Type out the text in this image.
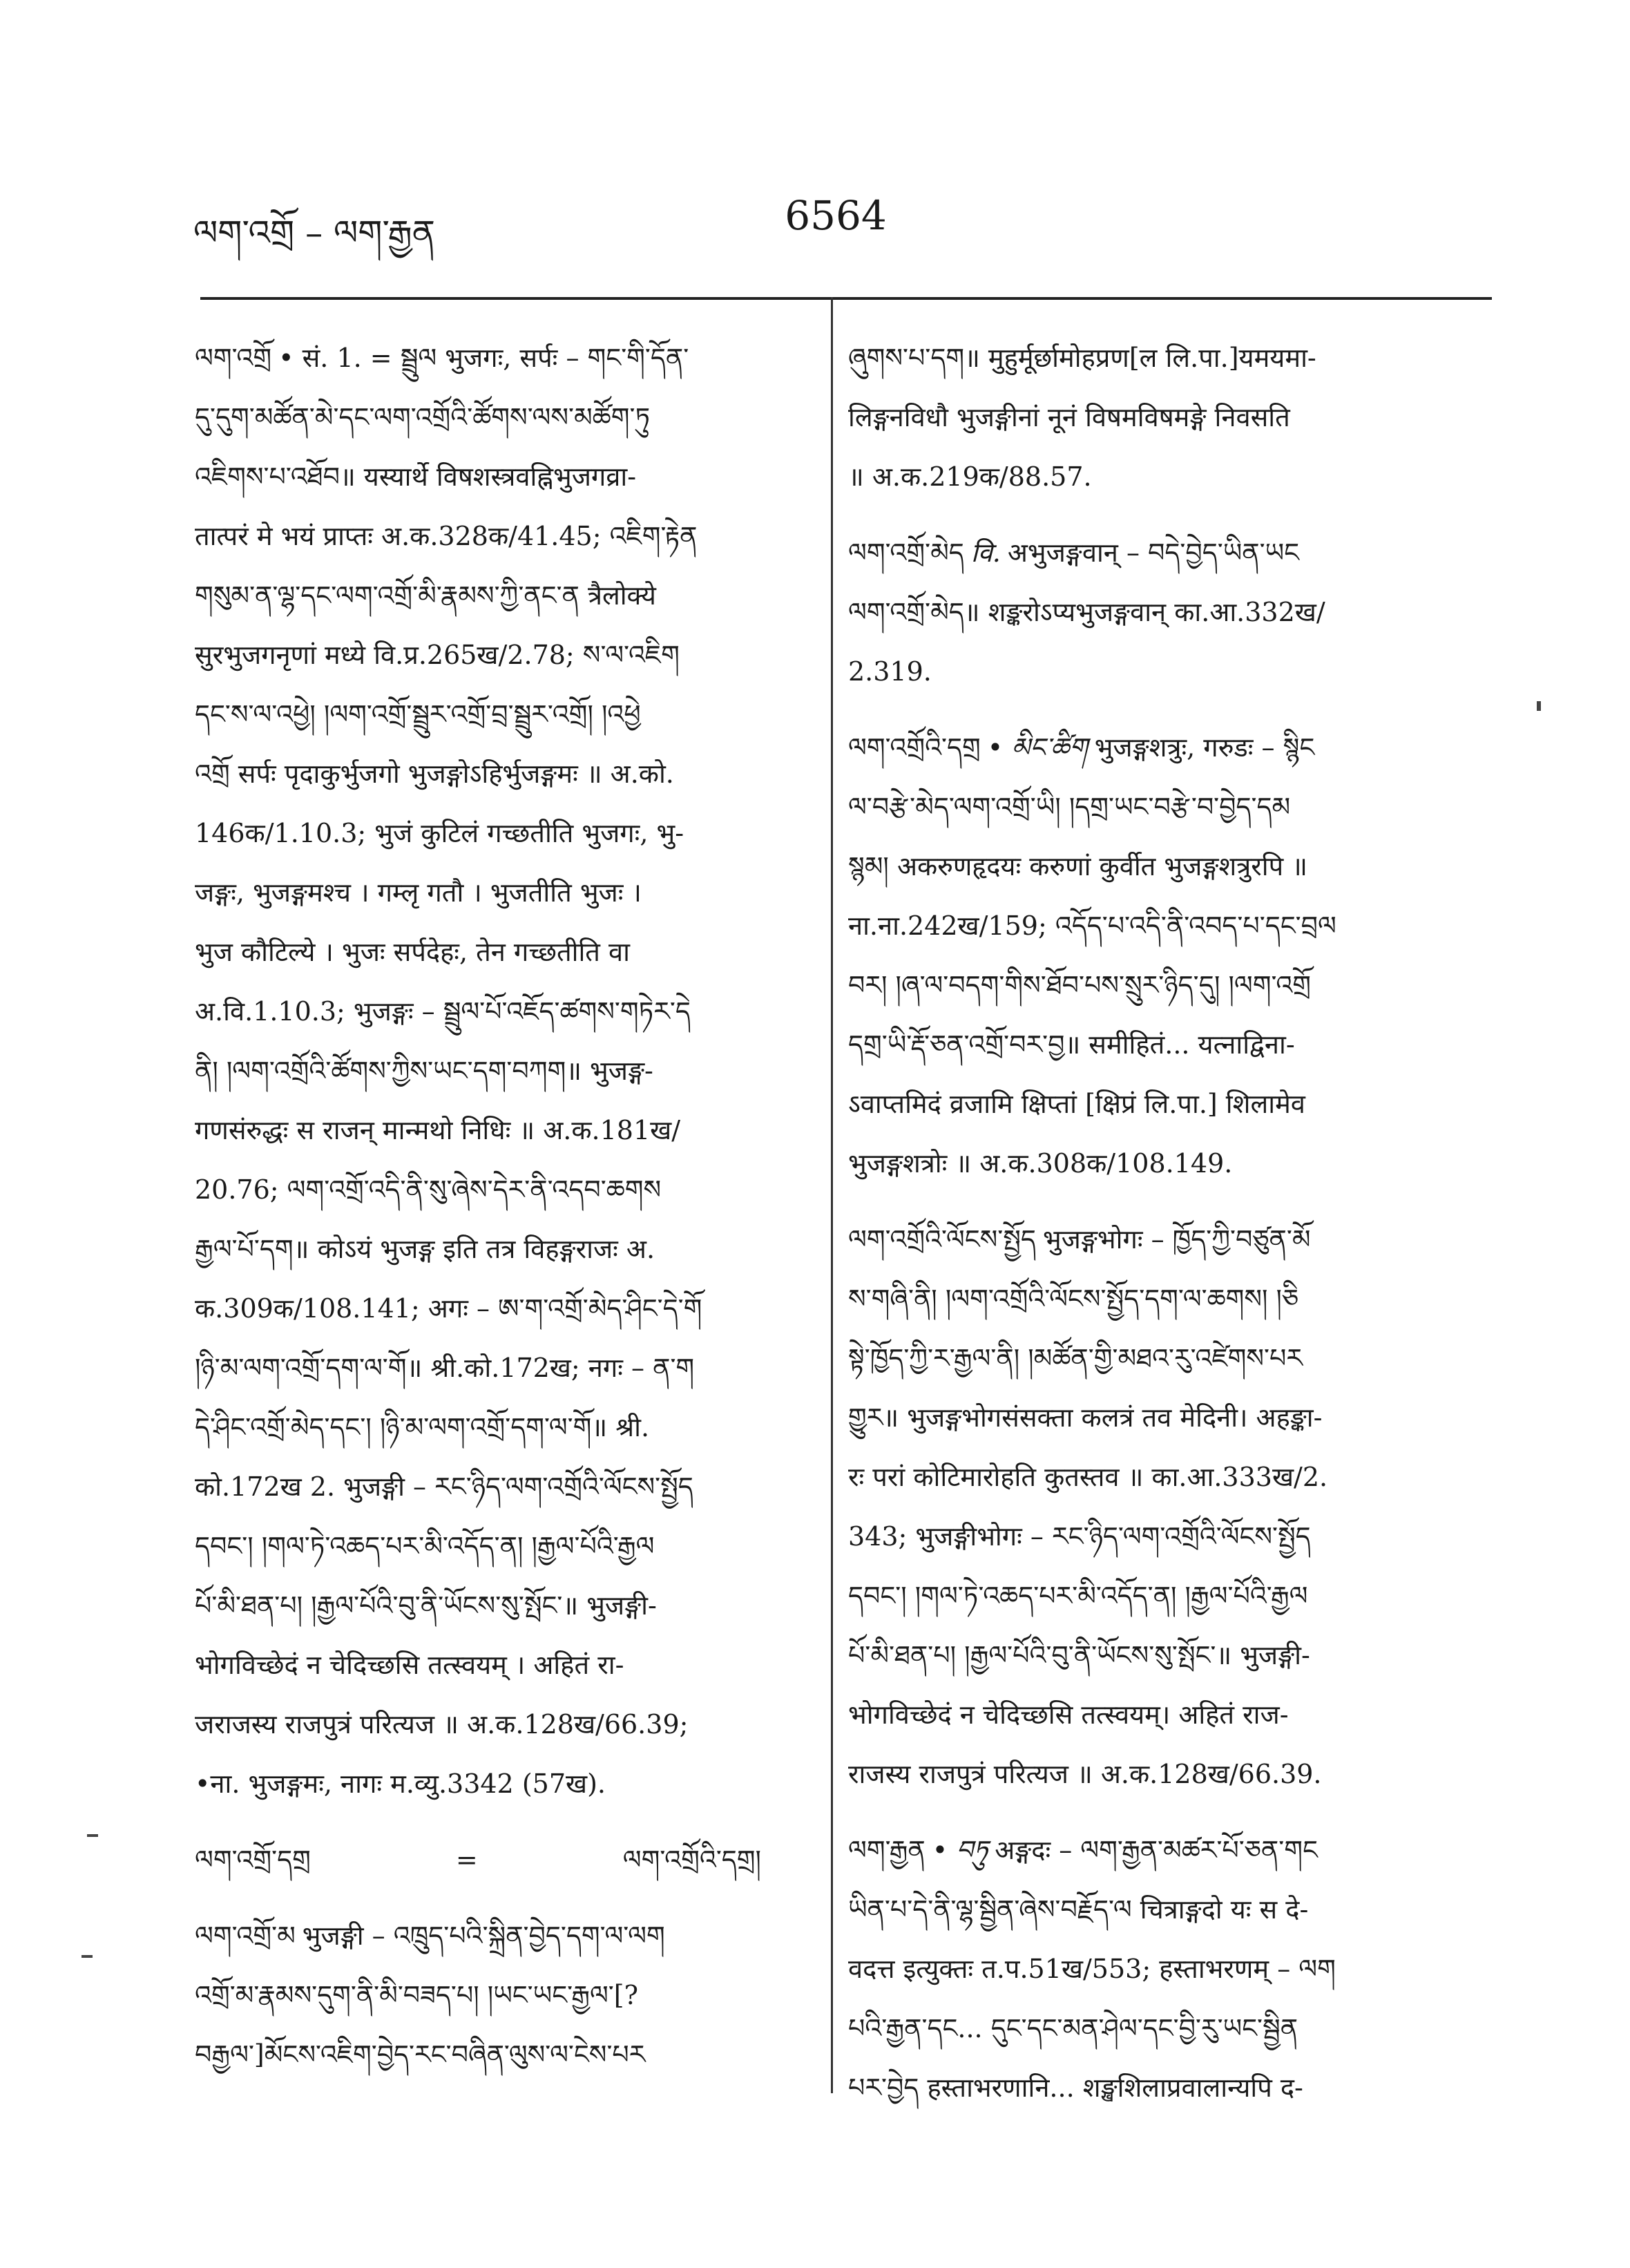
ལག་འགྲོ – ལག་རྒྱན	6564
ལག་འགྲོ • सं. 1. = སྦྲུལ भुजगः, सर्पः – གང་གི་དོན་
དུ་དུག་མཚོན་མེ་དང་ལག་འགྲོའི་ཚོགས་ལས་མཚོག་ཏུ
འཇིགས་པ་འཐོབ॥ यस्यार्थे विषशस्त्रवह्निभुजगव्रा-
तात्परं मे भयं प्राप्तः अ.क.328क/41.45; འཇིག་རྟེན
གསུམ་ན་ལྷ་དང་ལག་འགྲོ་མི་རྣམས་ཀྱི་ནང་ན त्रैलोक्ये
सुरभुजगनृणां मध्ये वि.प्र.265ख/2.78; ས་ལ་འཇིག
དང་ས་ལ་འཕྱེ། །ལག་འགྲོ་སྦྲུར་འགྲོ་བྲ་སྦྲུར་འགྲོ། །འཕྱེ
འགྲོ सर्पः पृदाकुर्भुजगो भुजङ्गोऽहिर्भुजङ्गमः ॥ अ.को.
146क/1.10.3; भुजं कुटिलं गच्छतीति भुजगः, भु-
जङ्गः, भुजङ्गमश्च । गम्लृ गतौ । भुजतीति भुजः ।
भुज कौटिल्ये । भुजः सर्पदेहः, तेन गच्छतीति वा
अ.वि.1.10.3; भुजङ्गः – སྦྲུལ་པོ་འཇོད་ཚགས་གཏེར་དེ
ནི། །ལག་འགྲོའི་ཚོགས་ཀྱིས་ཡང་དག་བཀག॥ भुजङ्ग-
गणसंरुद्धः स राजन् मान्मथो निधिः ॥ अ.क.181ख/
20.76; ལག་འགྲོ་འདི་ནི་སུ་ཞེས་དེར་ནི་འདབ་ཆགས
རྒྱལ་པོ་དག॥ कोऽयं भुजङ्ग इति तत्र विहङ्गराजः अ.
क.309क/108.141; अगः – ཨ་ག་འགྲོ་མེད་ཤིང་དེ་གོ
།ཉི་མ་ལག་འགྲོ་དག་ལ་གོ॥ श्री.को.172ख; नगः – ན་ག
དེ་ཤིང་འགྲོ་མེད་དང་། །ཉི་མ་ལག་འགྲོ་དག་ལ་གོ॥ श्री.
को.172ख 2. भुजङ्गी – རང་ཉིད་ལག་འགྲོའི་ལོངས་སྤྱོད
དབང་། །གལ་ཏེ་འཆད་པར་མི་འདོད་ན། །རྒྱལ་པོའི་རྒྱལ
པོ་མི་ཐན་པ། །རྒྱལ་པོའི་བུ་ནི་ཡོངས་སུ་སྤོང་॥ भुजङ्गी-
भोगविच्छेदं न चेदिच्छसि तत्स्वयम् । अहितं रा-
जराजस्य राजपुत्रं परित्यज ॥ अ.क.128ख/66.39;
•ना. भुजङ्गमः, नागः म.व्यु.3342 (57ख).
ལག་འགྲོ་དགྲ	=	ལག་འགྲོའི་དགྲ།
ལག་འགྲོ་མ भुजङ्गी – འཁྲུད་པའི་སྐྲིན་བྱེད་དག་ལ་ལག
འགྲོ་མ་རྣམས་དུག་ནི་མི་བཟད་པ། །ཡང་ཡང་རྒྱལ་[?
བརྒྱལ་]མོངས་འཇིག་བྱེད་རང་བཞིན་ལུས་ལ་ངེས་པར
ཞུགས་པ་དག॥ मुहुर्मूर्छामोहप्रण[ल लि.पा.]यमयमा-
लिङ्गनविधौ भुजङ्गीनां नूनं विषमविषमङ्गे निवसति
॥ अ.क.219क/88.57.
ལག་འགྲོ་མེད वि. अभुजङ्गवान् – བདེ་བྱེད་ཡིན་ཡང
ལག་འགྲོ་མེད॥ शङ्करोऽप्यभुजङ्गवान् का.आ.332ख/
2.319.
ལག་འགྲོའི་དགྲ • མིང་ཚིག भुजङ्गशत्रुः, गरुडः – སྙིང
ལ་བརྩེ་མེད་ལག་འགྲོ་ཡི། །དགྲ་ཡང་བརྩེ་བ་བྱེད་དམ
སྙམ། अकरुणहृदयः करुणां कुर्वीत भुजङ्गशत्रुरपि ॥
ना.ना.242ख/159; འདོད་པ་འདི་ནི་འབད་པ་དང་བྲལ
བར། །ཞ་ལ་བདག་གིས་ཐོབ་པས་སྲུར་ཉིད་དུ། །ལག་འགྲོ
དགྲ་ཡི་རྡོ་ཅན་འགྲོ་བར་བྱ॥ समीहितं... यत्नाद्विना-
ऽवाप्तमिदं व्रजामि क्षिप्तां [क्षिप्रं लि.पा.] शिलामेव
भुजङ्गशत्रोः ॥ अ.क.308क/108.149.
ལག་འགྲོའི་ལོངས་སྤྱོད भुजङ्गभोगः – ཁྱོད་ཀྱི་བཙུན་མོ
ས་གཞི་ནི། །ལག་འགྲོའི་ལོངས་སྤྱོད་དག་ལ་ཆགས། །ཅི
སྟེ་ཁྱོད་ཀྱི་ར་རྒྱལ་ནི། །མཚོན་གྱི་མཐའ་རུ་འཛེགས་པར
གྱུར॥ भुजङ्गभोगसंसक्ता कलत्रं तव मेदिनी। अहङ्का-
रः परां कोटिमारोहति कुतस्तव ॥ का.आ.333ख/2.
343; भुजङ्गीभोगः – རང་ཉིད་ལག་འགྲོའི་ལོངས་སྤྱོད
དབང་། །གལ་ཏེ་འཆད་པར་མི་འདོད་ན། །རྒྱལ་པོའི་རྒྱལ
པོ་མི་ཐན་པ། །རྒྱལ་པོའི་བུ་ནི་ཡོངས་སུ་སྤོང་॥ भुजङ्गी-
भोगविच्छेदं न चेदिच्छसि तत्स्वयम्। अहितं राज-
राजस्य राजपुत्रं परित्यज ॥ अ.क.128ख/66.39.
ལག་རྒྱན • བཏུ अङ्गदः – ལག་རྒྱན་མཚར་པོ་ཅན་གང
ཡིན་པ་དེ་ནི་ལྷ་སྦྱིན་ཞེས་བརྗོད་ལ चित्राङ्गदो यः स दे-
वदत्त इत्युक्तः त.प.51ख/553; हस्ताभरणम् – ལག
པའི་རྒྱན་དང... དུང་དང་མན་ཤེལ་དང་བྱི་རུ་ཡང་སྦྱིན
པར་བྱེད हस्ताभरणानि... शङ्खशिलाप्रवालान्यपि द-
